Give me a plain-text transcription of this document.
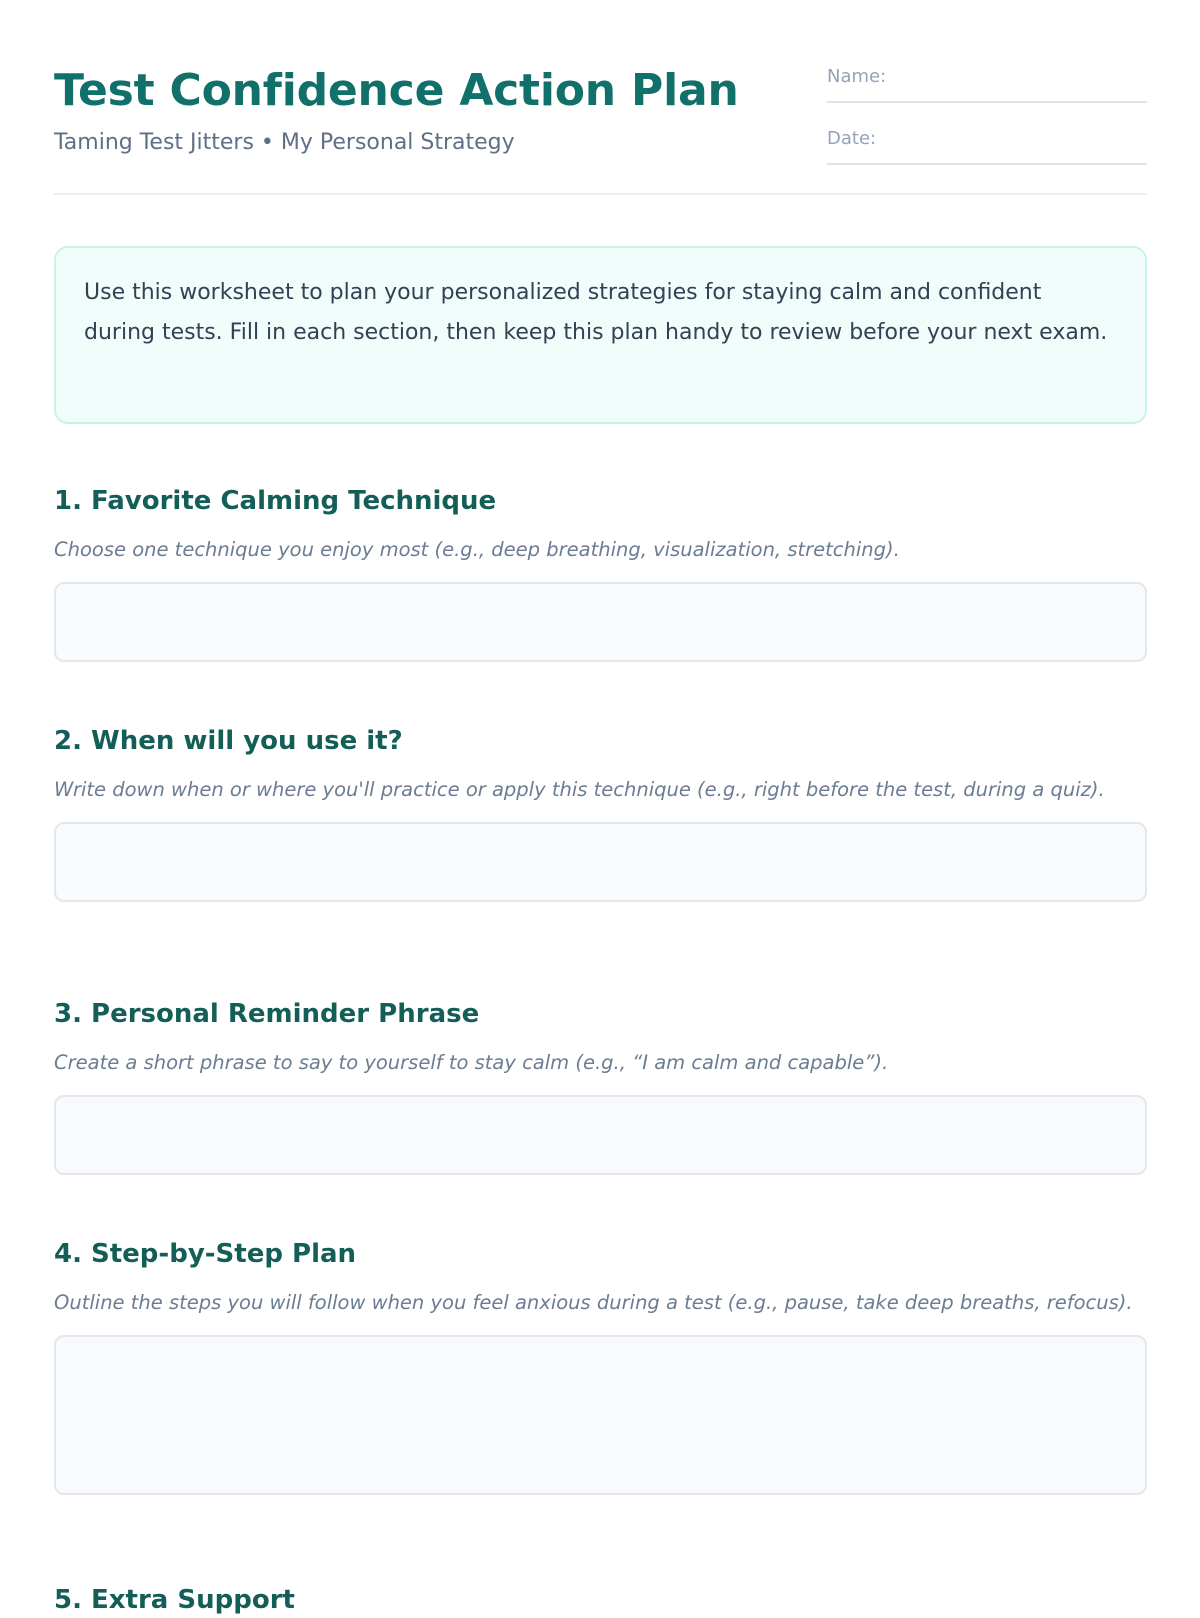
Test Confidence Action Plan
Taming Test Jitters • My Personal Strategy
Name:
Date:
Use this worksheet to plan your personalized strategies for staying calm and confident during tests. Fill in each section, then keep this plan handy to review before your next exam.
1. Favorite Calming Technique
Choose one technique you enjoy most (e.g., deep breathing, visualization, stretching).
2. When will you use it?
Write down when or where you'll practice or apply this technique (e.g., right before the test, during a quiz).
3. Personal Reminder Phrase
Create a short phrase to say to yourself to stay calm (e.g., “I am calm and capable”).
4. Step-by-Step Plan
Outline the steps you will follow when you feel anxious during a test (e.g., pause, take deep breaths, refocus).
5. Extra Support
